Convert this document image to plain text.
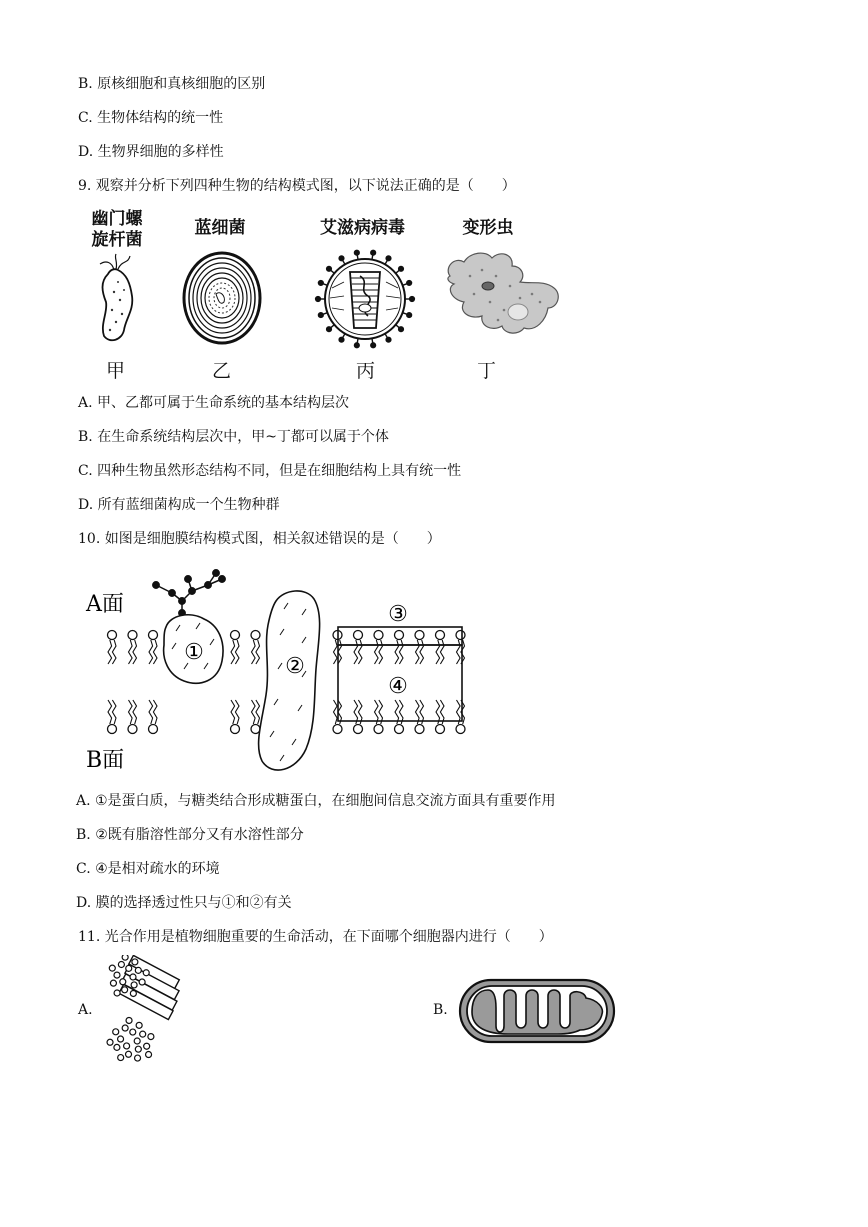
B. 原核细胞和真核细胞的区别
C. 生物体结构的统一性
D. 生物界细胞的多样性
9. 观察并分析下列四种生物的结构模式图，以下说法正确的是（　　）
幽门螺
旋杆菌
蓝细菌	艾滋病病毒	变形虫
甲	乙	丙	丁
A. 甲、乙都可属于生命系统的基本结构层次
B. 在生命系统结构层次中，甲~丁都可以属于个体
C. 四种生物虽然形态结构不同，但是在细胞结构上具有统一性
D. 所有蓝细菌构成一个生物种群
10. 如图是细胞膜结构模式图，相关叙述错误的是（　　）
A面
B面
①
②
③
④
A. ①是蛋白质，与糖类结合形成糖蛋白，在细胞间信息交流方面具有重要作用
B. ②既有脂溶性部分又有水溶性部分
C. ④是相对疏水的环境
D. 膜的选择透过性只与①和②有关
11. 光合作用是植物细胞重要的生命活动，在下面哪个细胞器内进行（　　）
A.	B.
